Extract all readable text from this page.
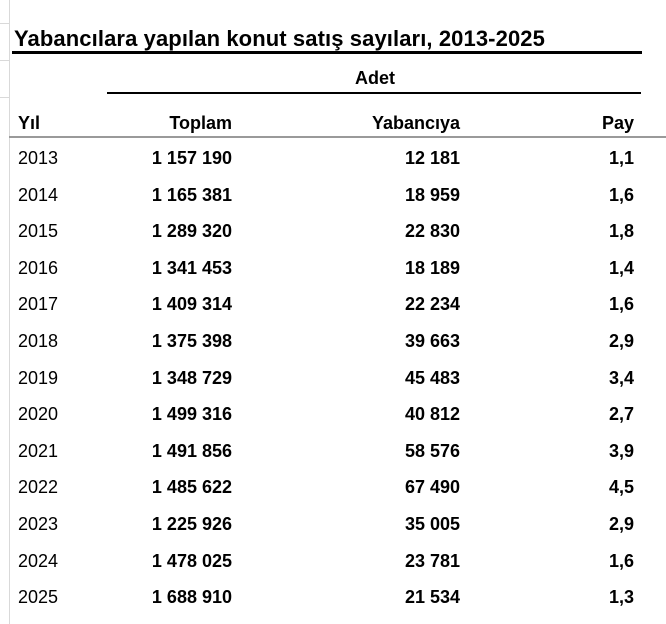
Yabancılara yapılan konut satış sayıları, 2013-2025
Adet
Yıl	Toplam	Yabancıya	Pay
2013	1 157 190	12 181	1,1
2014	1 165 381	18 959	1,6
2015	1 289 320	22 830	1,8
2016	1 341 453	18 189	1,4
2017	1 409 314	22 234	1,6
2018	1 375 398	39 663	2,9
2019	1 348 729	45 483	3,4
2020	1 499 316	40 812	2,7
2021	1 491 856	58 576	3,9
2022	1 485 622	67 490	4,5
2023	1 225 926	35 005	2,9
2024	1 478 025	23 781	1,6
2025	1 688 910	21 534	1,3
